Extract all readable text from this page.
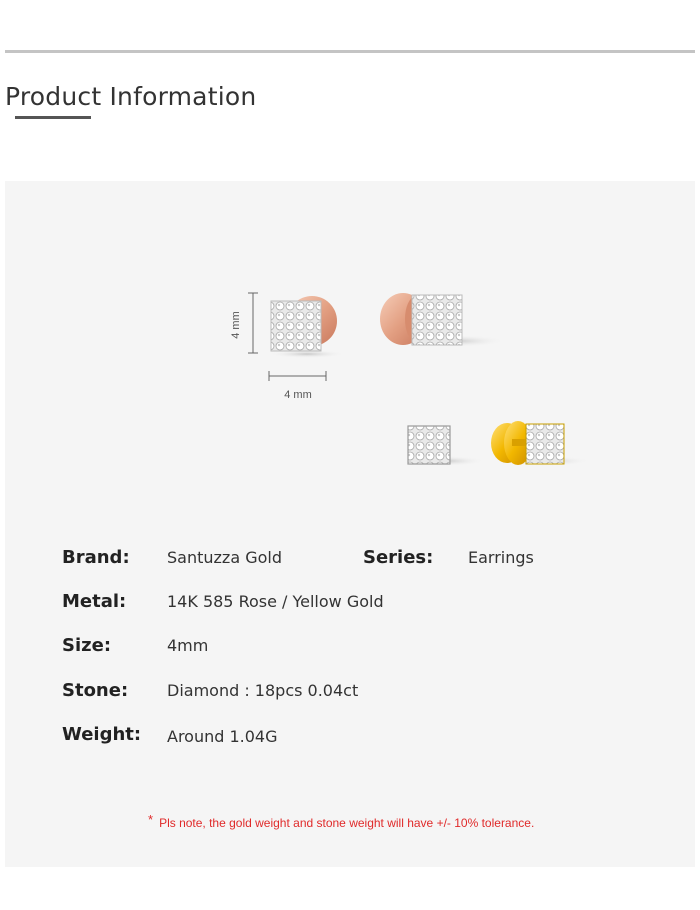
Product Information
4 mm
4 mm
Brand: Santuzza Gold	Series: Earrings
Metal:	14K 585 Rose / Yellow Gold
Size:	4mm
Stone: Diamond : 18pcs 0.04ct
Weight: Around 1.04G
* Pls note, the gold weight and stone weight will have +/- 10% tolerance.
